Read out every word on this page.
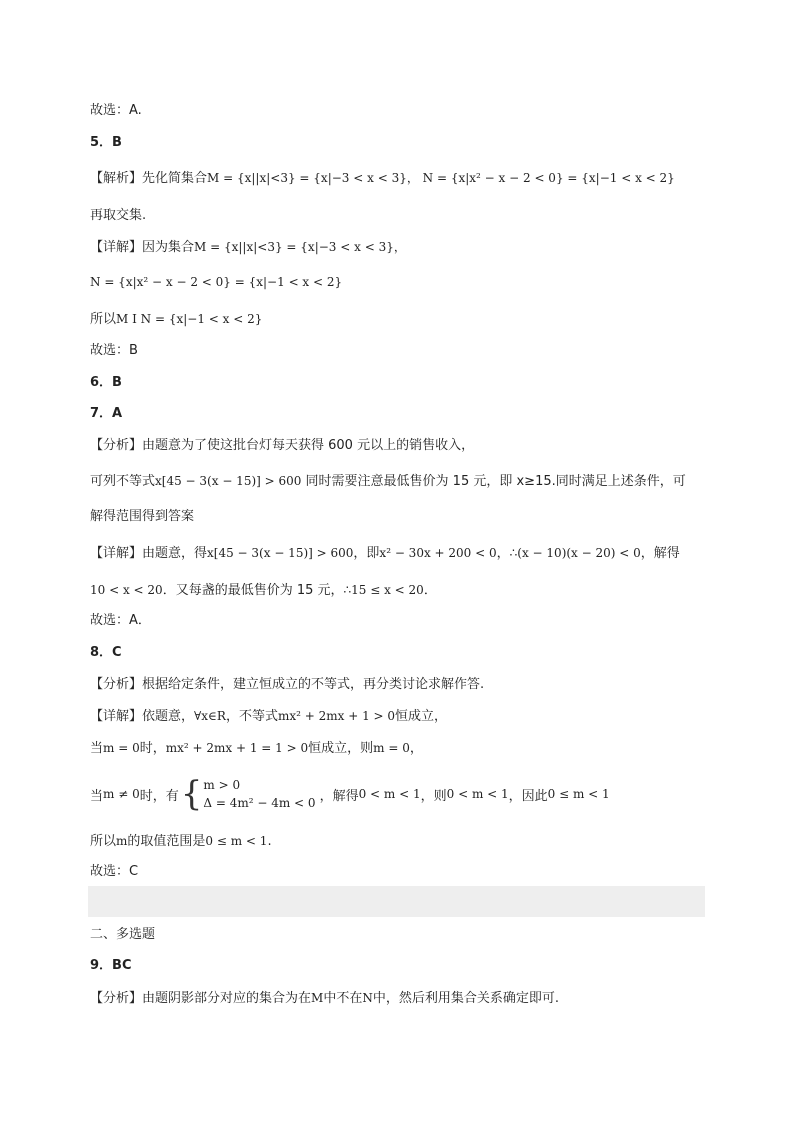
故选：A.
5．B
【解析】先化简集合M = {x||x|<3} = {x|−3 < x < 3}， N = {x|x² − x − 2 < 0} = {x|−1 < x < 2}
再取交集.
【详解】因为集合M = {x||x|<3} = {x|−3 < x < 3}，
N = {x|x² − x − 2 < 0} = {x|−1 < x < 2}
所以M I N = {x|−1 < x < 2}
故选：B
6．B
7．A
【分析】由题意为了使这批台灯每天获得 600 元以上的销售收入，
可列不等式x[45 − 3(x − 15)] > 600 同时需要注意最低售价为 15 元，即 x≥15.同时满足上述条件，可
解得范围得到答案
【详解】由题意，得x[45 − 3(x − 15)] > 600，即x² − 30x + 200 < 0，∴(x − 10)(x − 20) < 0，解得
10 < x < 20．又每盏的最低售价为 15 元，∴15 ≤ x < 20．
故选：A．
8．C
【分析】根据给定条件，建立恒成立的不等式，再分类讨论求解作答.
【详解】依题意，∀x∈R，不等式mx² + 2mx + 1 > 0恒成立，
当m = 0时，mx² + 2mx + 1 = 1 > 0恒成立，则m = 0，
当 m ≠ 0 时，有 { m > 0
Δ = 4m² − 4m < 0 ，解得 0 < m < 1 ，则 0 < m < 1 ，因此 0 ≤ m < 1
所以m的取值范围是0 ≤ m < 1.
故选：C
二、多选题
9．BC
【分析】由题阴影部分对应的集合为在M中不在N中，然后利用集合关系确定即可.
